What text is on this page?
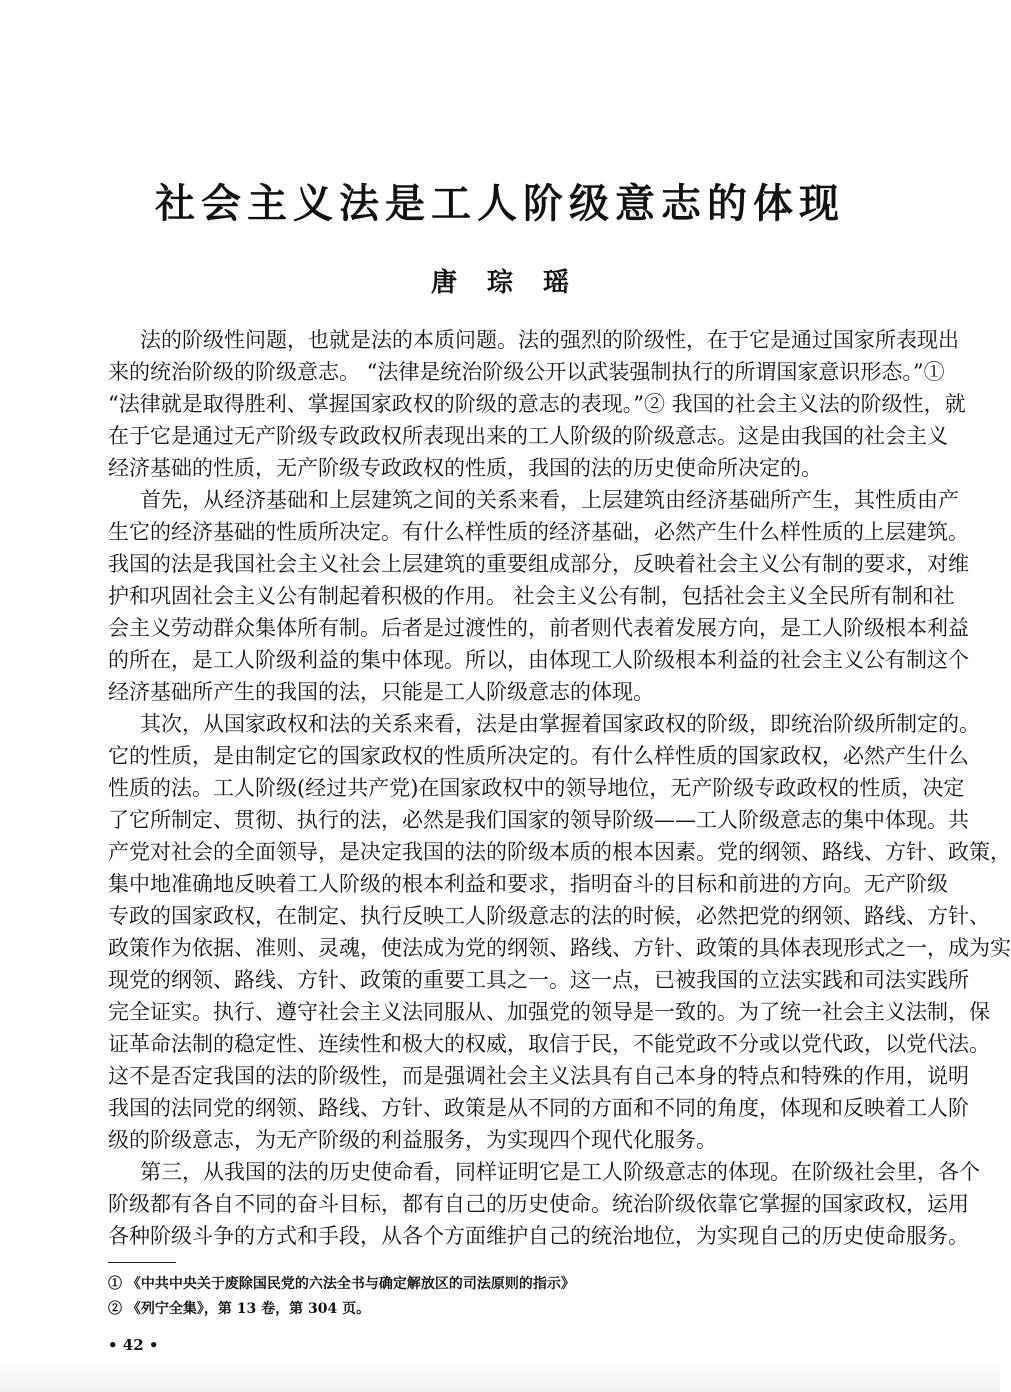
社会主义法是工人阶级意志的体现
唐琮瑶
法的阶级性问题，也就是法的本质问题。法的强烈的阶级性，在于它是通过国家所表现出
来的统治阶级的阶级意志。 “法律是统治阶级公开以武装强制执行的所谓国家意识形态。”①
“法律就是取得胜利、掌握国家政权的阶级的意志的表现。”② 我国的社会主义法的阶级性，就
在于它是通过无产阶级专政政权所表现出来的工人阶级的阶级意志。这是由我国的社会主义
经济基础的性质，无产阶级专政政权的性质，我国的法的历史使命所决定的。
首先，从经济基础和上层建筑之间的关系来看，上层建筑由经济基础所产生，其性质由产
生它的经济基础的性质所决定。有什么样性质的经济基础，必然产生什么样性质的上层建筑。
我国的法是我国社会主义社会上层建筑的重要组成部分，反映着社会主义公有制的要求，对维
护和巩固社会主义公有制起着积极的作用。 社会主义公有制，包括社会主义全民所有制和社
会主义劳动群众集体所有制。后者是过渡性的，前者则代表着发展方向，是工人阶级根本利益
的所在，是工人阶级利益的集中体现。所以，由体现工人阶级根本利益的社会主义公有制这个
经济基础所产生的我国的法，只能是工人阶级意志的体现。
其次，从国家政权和法的关系来看，法是由掌握着国家政权的阶级，即统治阶级所制定的。
它的性质，是由制定它的国家政权的性质所决定的。有什么样性质的国家政权，必然产生什么
性质的法。工人阶级(经过共产党)在国家政权中的领导地位，无产阶级专政政权的性质，决定
了它所制定、贯彻、执行的法，必然是我们国家的领导阶级——工人阶级意志的集中体现。共
产党对社会的全面领导，是决定我国的法的阶级本质的根本因素。党的纲领、路线、方针、政策，
集中地准确地反映着工人阶级的根本利益和要求，指明奋斗的目标和前进的方向。无产阶级
专政的国家政权，在制定、执行反映工人阶级意志的法的时候，必然把党的纲领、路线、方针、
政策作为依据、准则、灵魂，使法成为党的纲领、路线、方针、政策的具体表现形式之一，成为实
现党的纲领、路线、方针、政策的重要工具之一。这一点，已被我国的立法实践和司法实践所
完全证实。执行、遵守社会主义法同服从、加强党的领导是一致的。为了统一社会主义法制，保
证革命法制的稳定性、连续性和极大的权威，取信于民，不能党政不分或以党代政，以党代法。
这不是否定我国的法的阶级性，而是强调社会主义法具有自己本身的特点和特殊的作用，说明
我国的法同党的纲领、路线、方针、政策是从不同的方面和不同的角度，体现和反映着工人阶
级的阶级意志，为无产阶级的利益服务，为实现四个现代化服务。
第三，从我国的法的历史使命看，同样证明它是工人阶级意志的体现。在阶级社会里，各个
阶级都有各自不同的奋斗目标，都有自己的历史使命。统治阶级依靠它掌握的国家政权，运用
各种阶级斗争的方式和手段，从各个方面维护自己的统治地位，为实现自己的历史使命服务。
① 《中共中央关于废除国民党的六法全书与确定解放区的司法原则的指示》
② 《列宁全集》，第 13 卷，第 304 页。
• 42 •
